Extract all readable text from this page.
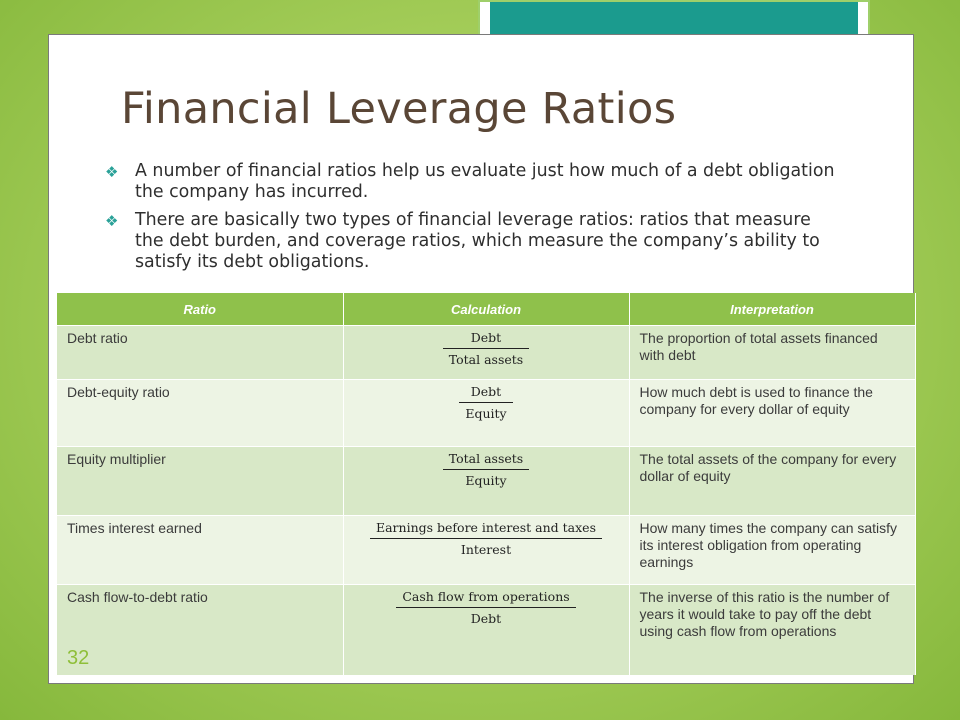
Financial Leverage Ratios
❖ A number of financial ratios help us evaluate just how much of a debt obligation the company has incurred.
❖ There are basically two types of financial leverage ratios: ratios that measure the debt burden, and coverage ratios, which measure the company’s ability to satisfy its debt obligations.
Ratio	Calculation	Interpretation
Debt ratio	$\frac{\text{Debt}}{\text{Total assets}}$	The proportion of total assets financed with debt
Debt-equity ratio	$\frac{\text{Debt}}{\text{Equity}}$	How much debt is used to finance the company for every dollar of equity
Equity multiplier	$\frac{\text{Total assets}}{\text{Equity}}$	The total assets of the company for every dollar of equity
Times interest earned	$\frac{\text{Earnings before interest and taxes}}{\text{Interest}}$	How many times the company can satisfy its interest obligation from operating earnings
Cash flow-to-debt ratio	$\frac{\text{Cash flow from operations}}{\text{Debt}}$	The inverse of this ratio is the number of years it would take to pay off the debt using cash flow from operations
32
